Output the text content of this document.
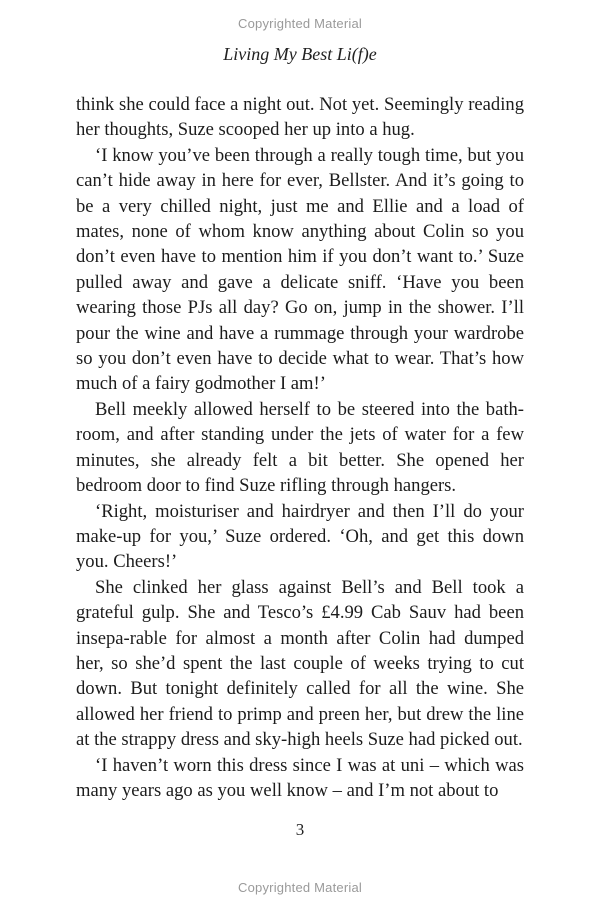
Copyrighted Material
Living My Best Li(f)e

think she could face a night out. Not yet. Seemingly reading her thoughts, Suze scooped her up into a hug.

‘I know you’ve been through a really tough time, but you can’t hide away in here for ever, Bellster. And it’s going to be a very chilled night, just me and Ellie and a load of mates, none of whom know anything about Colin so you don’t even have to mention him if you don’t want to.’ Suze pulled away and gave a delicate sniff. ‘Have you been wearing those PJs all day? Go on, jump in the shower. I’ll pour the wine and have a rummage through your wardrobe so you don’t even have to decide what to wear. That’s how much of a fairy godmother I am!’

Bell meekly allowed herself to be steered into the bath-room, and after standing under the jets of water for a few minutes, she already felt a bit better. She opened her bedroom door to find Suze rifling through hangers.

‘Right, moisturiser and hairdryer and then I’ll do your make-up for you,’ Suze ordered. ‘Oh, and get this down you. Cheers!’

She clinked her glass against Bell’s and Bell took a grateful gulp. She and Tesco’s £4.99 Cab Sauv had been insepa-rable for almost a month after Colin had dumped her, so she’d spent the last couple of weeks trying to cut down. But tonight definitely called for all the wine. She allowed her friend to primp and preen her, but drew the line at the strappy dress and sky-high heels Suze had picked out.

‘I haven’t worn this dress since I was at uni – which was many years ago as you well know – and I’m not about to

3
Copyrighted Material
